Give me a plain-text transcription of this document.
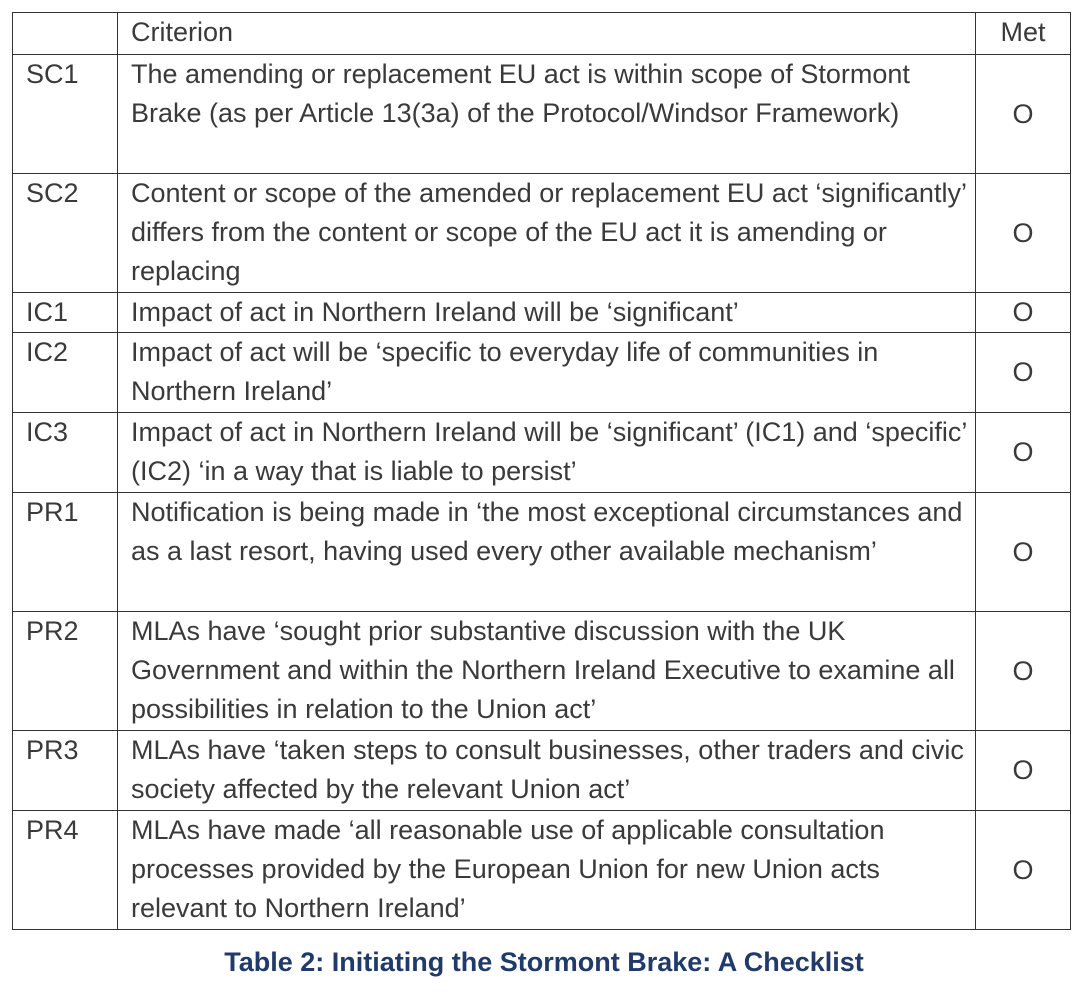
	Criterion	Met
SC1	The amending or replacement EU act is within scope of Stormont Brake (as per Article 13(3a) of the Protocol/Windsor Framework)	O
SC2	Content or scope of the amended or replacement EU act ‘significantly’ differs from the content or scope of the EU act it is amending or replacing	O
IC1	Impact of act in Northern Ireland will be ‘significant’	O
IC2	Impact of act will be ‘specific to everyday life of communities in Northern Ireland’	O
IC3	Impact of act in Northern Ireland will be ‘significant’ (IC1) and ‘specific’ (IC2) ‘in a way that is liable to persist’	O
PR1	Notification is being made in ‘the most exceptional circumstances and as a last resort, having used every other available mechanism’	O
PR2	MLAs have ‘sought prior substantive discussion with the UK Government and within the Northern Ireland Executive to examine all possibilities in relation to the Union act’	O
PR3	MLAs have ‘taken steps to consult businesses, other traders and civic society affected by the relevant Union act’	O
PR4	MLAs have made ‘all reasonable use of applicable consultation processes provided by the European Union for new Union acts relevant to Northern Ireland’	O
Table 2: Initiating the Stormont Brake: A Checklist
